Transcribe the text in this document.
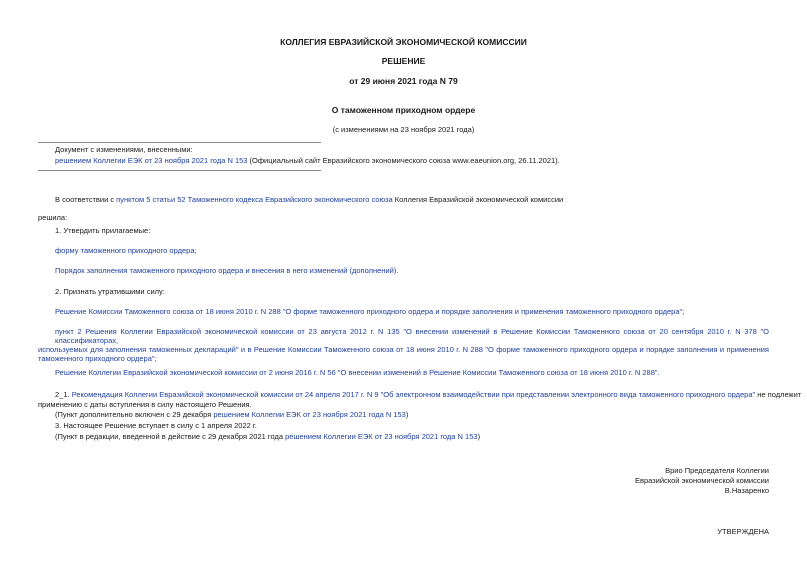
КОЛЛЕГИЯ ЕВРАЗИЙСКОЙ ЭКОНОМИЧЕСКОЙ КОМИССИИ
РЕШЕНИЕ
от 29 июня 2021 года N 79
О таможенном приходном ордере
(с изменениями на 23 ноября 2021 года)
Документ с изменениями, внесенными:
решением Коллегии ЕЭК от 23 ноября 2021 года N 153 (Официальный сайт Евразийского экономического союза www.eaeunion.org, 26.11.2021).
В соответствии с пунктом 5 статьи 52 Таможенного кодекса Евразийского экономического союза Коллегия Евразийской экономической комиссии
решила:
1. Утвердить прилагаемые:
форму таможенного приходного ордера;
Порядок заполнения таможенного приходного ордера и внесения в него изменений (дополнений).
2. Признать утратившими силу:
Решение Комиссии Таможенного союза от 18 июня 2010 г. N 288 "О форме таможенного приходного ордера и порядке заполнения и применения таможенного приходного ордера";
пункт 2 Решения Коллегии Евразийской экономической комиссии от 23 августа 2012 г. N 135 "О внесении изменений в Решение Комиссии Таможенного союза от 20 сентября 2010 г. N 378 "О классификаторах,
используемых для заполнения таможенных деклараций" и в Решение Комиссии Таможенного союза от 18 июня 2010 г. N 288 "О форме таможенного приходного ордера и порядке заполнения и применения
таможенного приходного ордера";
Решение Коллегии Евразийской экономической комиссии от 2 июня 2016 г. N 56 "О внесении изменений в Решение Комиссии Таможенного союза от 18 июня 2010 г. N 288".
2_1. Рекомендация Коллегии Евразийской экономической комиссии от 24 апреля 2017 г. N 9 "Об электронном взаимодействии при представлении электронного вида таможенного приходного ордера" не подлежит
применению с даты вступления в силу настоящего Решения.
(Пункт дополнительно включен с 29 декабря решением Коллегии ЕЭК от 23 ноября 2021 года N 153)
3. Настоящее Решение вступает в силу с 1 апреля 2022 г.
(Пункт в редакции, введенной в действие с 29 декабря 2021 года решением Коллегии ЕЭК от 23 ноября 2021 года N 153)
Врио Председателя Коллегии
Евразийской экономической комиссии
В.Назаренко
УТВЕРЖДЕНА
